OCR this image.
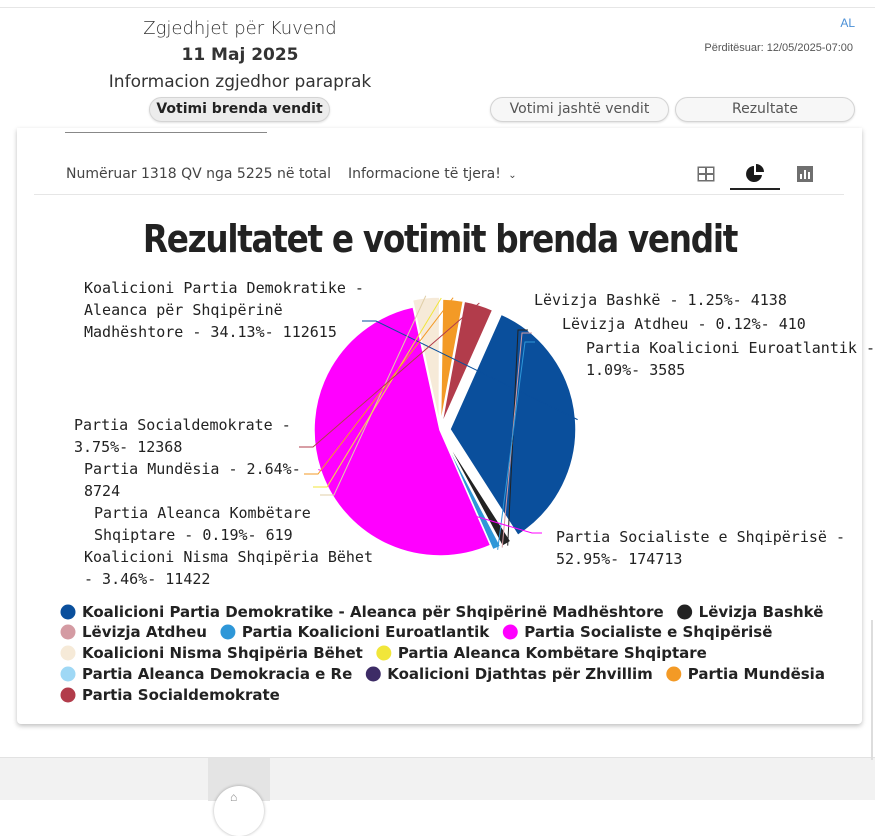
Zgjedhjet për Kuvend
11 Maj 2025
Informacion zgjedhor paraprak
AL
Përditësuar: 12/05/2025-07:00
Votimi brenda vendit	Votimi jashtë vendit	Rezultate
Numëruar 1318 QV nga 5225 në total Informacione të tjera! ⌄
Rezultatet e votimit brenda vendit
Koalicioni Partia Demokratike -
Aleanca për Shqipërinë
Madhështore - 34.13%- 112615
Lëvizja Bashkë - 1.25%- 4138
Lëvizja Atdheu - 0.12%- 410
Partia Koalicioni Euroatlantik -
1.09%- 3585
Partia Socialiste e Shqipërisë -
52.95%- 174713
Koalicioni Nisma Shqipëria Bëhet
- 3.46%- 11422
Partia Aleanca Kombëtare
Shqiptare - 0.19%- 619
Partia Mundësia - 2.64%-
8724
Partia Socialdemokrate -
3.75%- 12368
Koalicioni Partia Demokratike - Aleanca për Shqipërinë Madhështore Lëvizja Bashkë
Lëvizja Atdheu Partia Koalicioni Euroatlantik Partia Socialiste e Shqipërisë
Koalicioni Nisma Shqipëria Bëhet Partia Aleanca Kombëtare Shqiptare
Partia Aleanca Demokracia e Re Koalicioni Djathtas për Zhvillim Partia Mundësia
Partia Socialdemokrate
⌂
